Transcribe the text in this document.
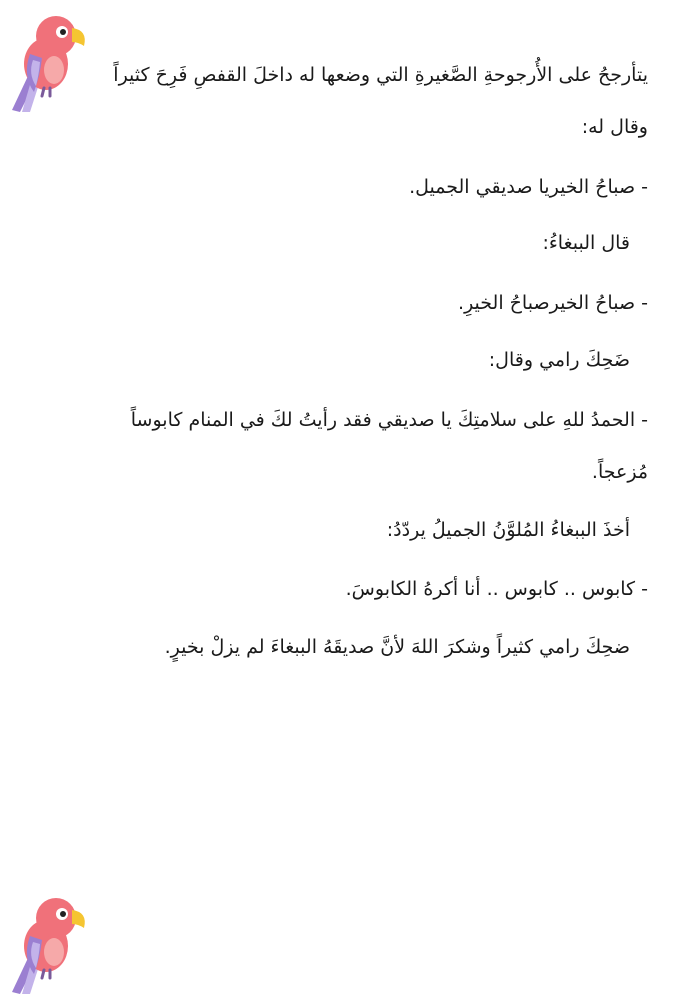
يتأرجحُ على الأُرجوحةِ الصَّغيرةِ التي وضعها له داخلَ القفصِ فَرِحَ كثيراً
وقال له:
- صباحُ الخيريا صديقي الجميل.
قال الببغاءُ:
- صباحُ الخيرصباحُ الخيرِ.
ضَحِكَ رامي وقال:
- الحمدُ للهِ على سلامتِكَ يا صديقي فقد رأيتُ لكَ في المنام كابوساً
مُزعجاً.
أخذَ الببغاءُ المُلوَّنُ الجميلُ يردّدُ:
- كابوس .. كابوس .. أنا أكرهُ الكابوسَ.
ضحِكَ رامي كثيراً وشكرَ اللهَ لأنَّ صديقَهُ الببغاءَ لم يزلْ بخيرٍ.
